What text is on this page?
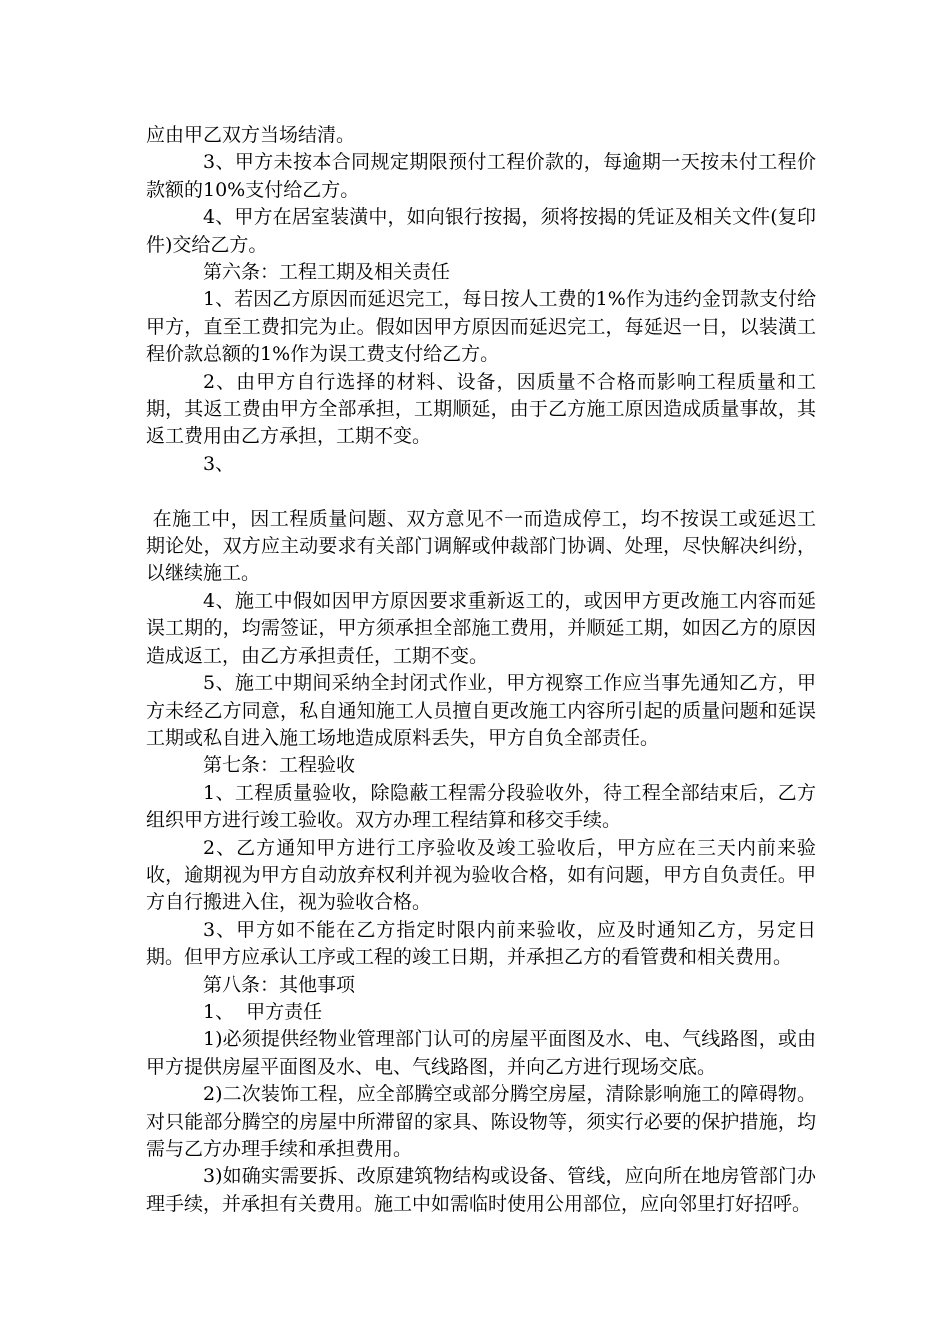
应由甲乙双方当场结清。

3、甲方未按本合同规定期限预付工程价款的，每逾期一天按未付工程价款额的10%支付给乙方。

4、甲方在居室装潢中，如向银行按揭，须将按揭的凭证及相关文件(复印件)交给乙方。

第六条：工程工期及相关责任

1、若因乙方原因而延迟完工，每日按人工费的1%作为违约金罚款支付给甲方，直至工费扣完为止。假如因甲方原因而延迟完工，每延迟一日，以装潢工程价款总额的1%作为误工费支付给乙方。

2、由甲方自行选择的材料、设备，因质量不合格而影响工程质量和工期，其返工费由甲方全部承担，工期顺延，由于乙方施工原因造成质量事故，其返工费用由乙方承担，工期不变。

3、

在施工中，因工程质量问题、双方意见不一而造成停工，均不按误工或延迟工期论处，双方应主动要求有关部门调解或仲裁部门协调、处理，尽快解决纠纷，以继续施工。

4、施工中假如因甲方原因要求重新返工的，或因甲方更改施工内容而延误工期的，均需签证，甲方须承担全部施工费用，并顺延工期，如因乙方的原因造成返工，由乙方承担责任，工期不变。

5、施工中期间采纳全封闭式作业，甲方视察工作应当事先通知乙方，甲方未经乙方同意，私自通知施工人员擅自更改施工内容所引起的质量问题和延误工期或私自进入施工场地造成原料丢失，甲方自负全部责任。

第七条：工程验收

1、工程质量验收，除隐蔽工程需分段验收外，待工程全部结束后，乙方组织甲方进行竣工验收。双方办理工程结算和移交手续。

2、乙方通知甲方进行工序验收及竣工验收后，甲方应在三天内前来验收，逾期视为甲方自动放弃权利并视为验收合格，如有问题，甲方自负责任。甲方自行搬进入住，视为验收合格。

3、甲方如不能在乙方指定时限内前来验收，应及时通知乙方，另定日期。但甲方应承认工序或工程的竣工日期，并承担乙方的看管费和相关费用。

第八条：其他事项

1、  甲方责任

1)必须提供经物业管理部门认可的房屋平面图及水、电、气线路图，或由甲方提供房屋平面图及水、电、气线路图，并向乙方进行现场交底。

2)二次装饰工程，应全部腾空或部分腾空房屋，清除影响施工的障碍物。对只能部分腾空的房屋中所滞留的家具、陈设物等，须实行必要的保护措施，均需与乙方办理手续和承担费用。

3)如确实需要拆、改原建筑物结构或设备、管线，应向所在地房管部门办理手续，并承担有关费用。施工中如需临时使用公用部位，应向邻里打好招呼。
